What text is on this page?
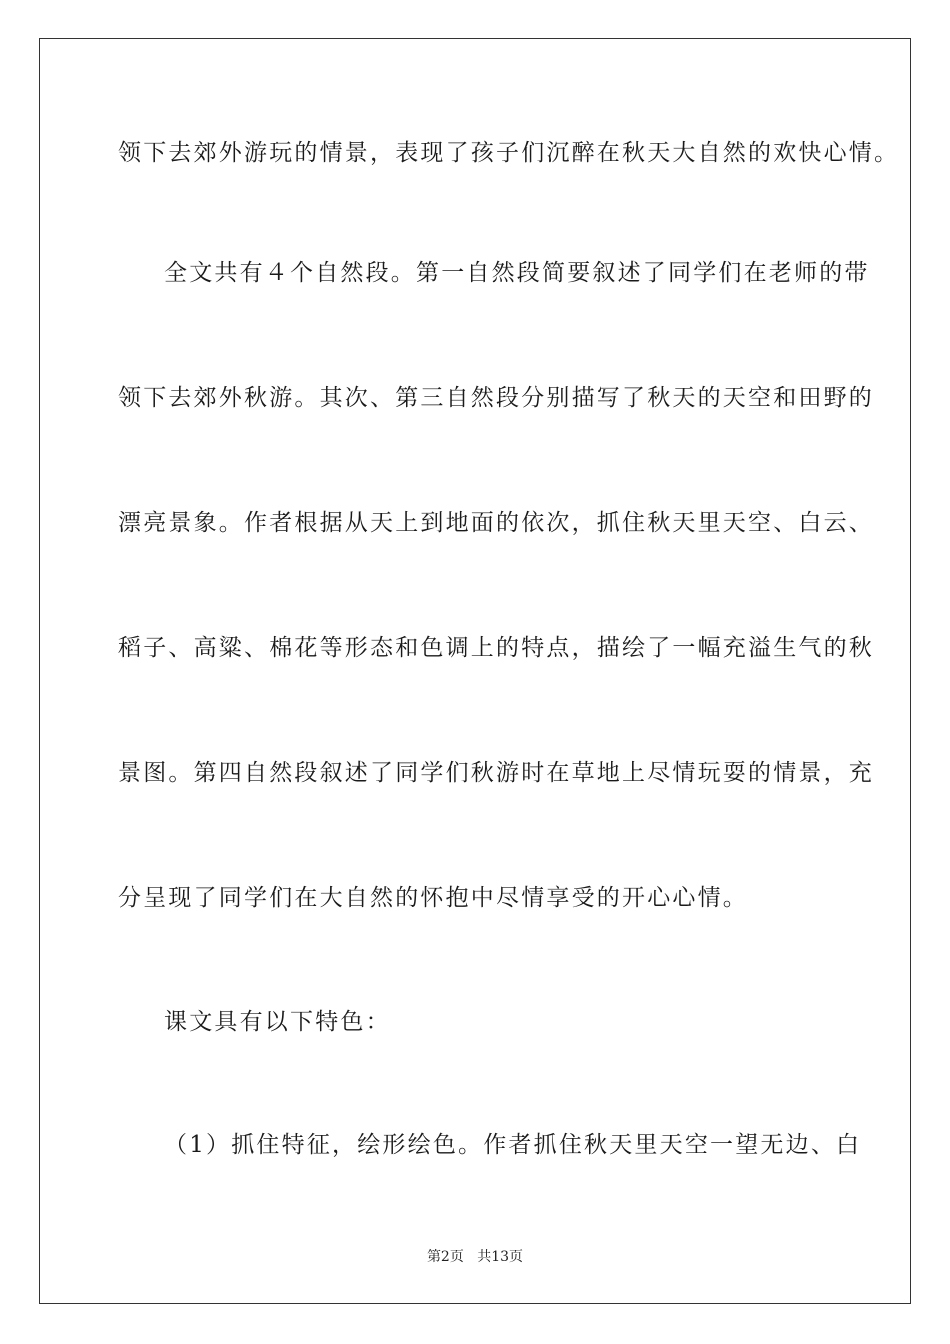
领下去郊外游玩的情景，表现了孩子们沉醉在秋天大自然的欢快心情。
全文共有４个自然段。第一自然段简要叙述了同学们在老师的带
领下去郊外秋游。其次、第三自然段分别描写了秋天的天空和田野的
漂亮景象。作者根据从天上到地面的依次，抓住秋天里天空、白云、
稻子、高粱、棉花等形态和色调上的特点，描绘了一幅充溢生气的秋
景图。第四自然段叙述了同学们秋游时在草地上尽情玩耍的情景，充
分呈现了同学们在大自然的怀抱中尽情享受的开心心情。
课文具有以下特色：
（1）抓住特征，绘形绘色。作者抓住秋天里天空一望无边、白
第2页 共13页
